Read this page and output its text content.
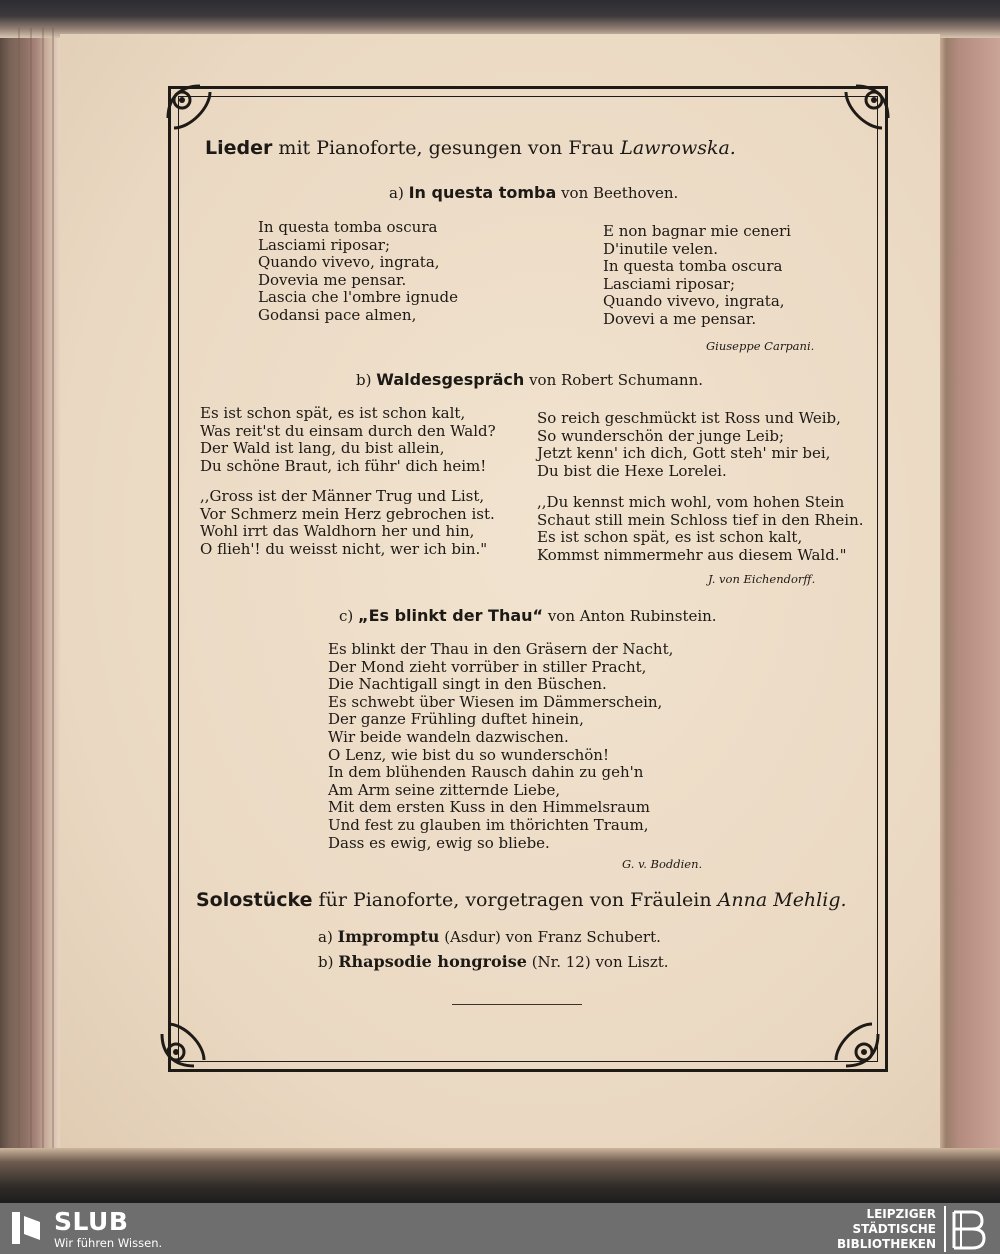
Lieder mit Pianoforte, gesungen von Frau Lawrowska.
a) In questa tomba von Beethoven.
In questa tomba oscura
Lasciami riposar;
Quando vivevo, ingrata,
Dovevia me pensar.
Lascia che l'ombre ignude
Godansi pace almen,
E non bagnar mie ceneri
D'inutile velen.
In questa tomba oscura
Lasciami riposar;
Quando vivevo, ingrata,
Dovevi a me pensar.
Giuseppe Carpani.
b) Waldesgespräch von Robert Schumann.
Es ist schon spät, es ist schon kalt,
Was reit'st du einsam durch den Wald?
Der Wald ist lang, du bist allein,
Du schöne Braut, ich führ' dich heim!
So reich geschmückt ist Ross und Weib,
So wunderschön der junge Leib;
Jetzt kenn' ich dich, Gott steh' mir bei,
Du bist die Hexe Lorelei.
,,Gross ist der Männer Trug und List,
Vor Schmerz mein Herz gebrochen ist.
Wohl irrt das Waldhorn her und hin,
O flieh'! du weisst nicht, wer ich bin."
,,Du kennst mich wohl, vom hohen Stein
Schaut still mein Schloss tief in den Rhein.
Es ist schon spät, es ist schon kalt,
Kommst nimmermehr aus diesem Wald."
J. von Eichendorff.
c) „Es blinkt der Thau“ von Anton Rubinstein.
Es blinkt der Thau in den Gräsern der Nacht,
Der Mond zieht vorrüber in stiller Pracht,
Die Nachtigall singt in den Büschen.
Es schwebt über Wiesen im Dämmerschein,
Der ganze Frühling duftet hinein,
Wir beide wandeln dazwischen.
O Lenz, wie bist du so wunderschön!
In dem blühenden Rausch dahin zu geh'n
Am Arm seine zitternde Liebe,
Mit dem ersten Kuss in den Himmelsraum
Und fest zu glauben im thörichten Traum,
Dass es ewig, ewig so bliebe.
G. v. Boddien.
Solostücke für Pianoforte, vorgetragen von Fräulein Anna Mehlig.
a) Impromptu (Asdur) von Franz Schubert.
b) Rhapsodie hongroise (Nr. 12) von Liszt.
SLUB
Wir führen Wissen.
LEIPZIGER
STÄDTISCHE
BIBLIOTHEKEN
